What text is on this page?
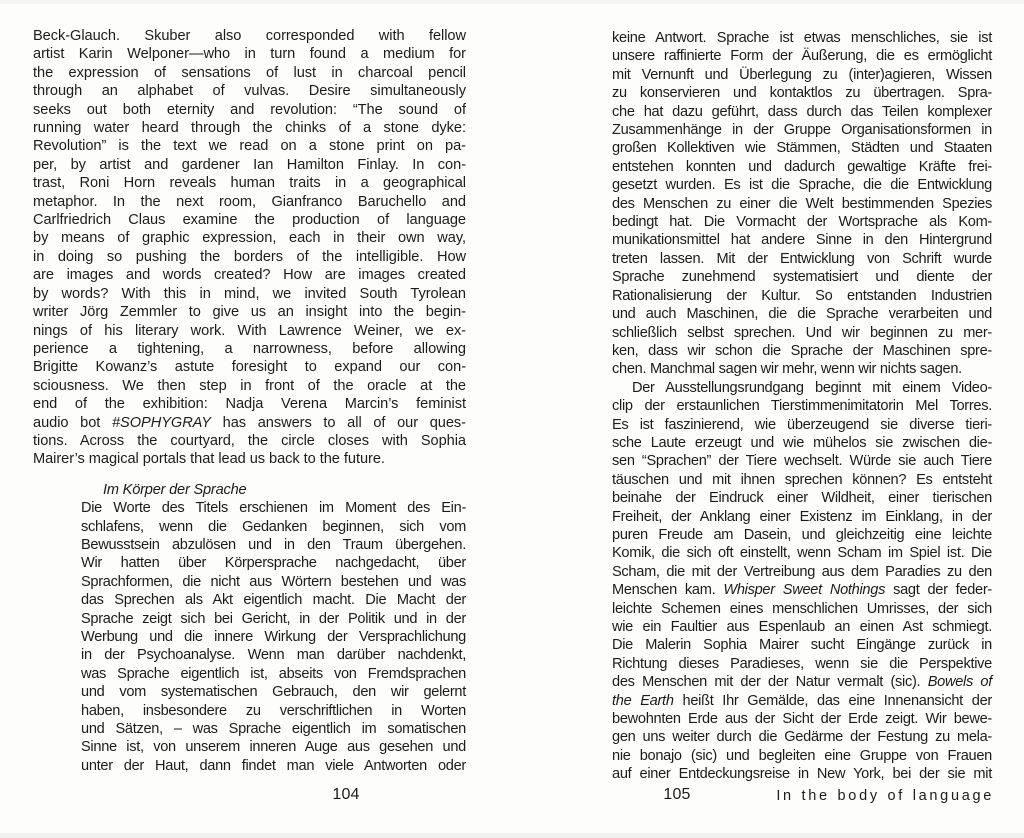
Beck-Glauch. Skuber also corresponded with fellow
artist Karin Welponer—who in turn found a medium for
the expression of sensations of lust in charcoal pencil
through an alphabet of vulvas. Desire simultaneously
seeks out both eternity and revolution: “The sound of
running water heard through the chinks of a stone dyke:
Revolution” is the text we read on a stone print on pa-
per, by artist and gardener Ian Hamilton Finlay. In con-
trast, Roni Horn reveals human traits in a geographical
metaphor. In the next room, Gianfranco Baruchello and
Carlfriedrich Claus examine the production of language
by means of graphic expression, each in their own way,
in doing so pushing the borders of the intelligible. How
are images and words created? How are images created
by words? With this in mind, we invited South Tyrolean
writer Jörg Zemmler to give us an insight into the begin-
nings of his literary work. With Lawrence Weiner, we ex-
perience a tightening, a narrowness, before allowing
Brigitte Kowanz’s astute foresight to expand our con-
sciousness. We then step in front of the oracle at the
end of the exhibition: Nadja Verena Marcin’s feminist
audio bot #SOPHYGRAY has answers to all of our ques-
tions. Across the courtyard, the circle closes with Sophia
Mairer’s magical portals that lead us back to the future.
Im Körper der Sprache
Die Worte des Titels erschienen im Moment des Ein-
schlafens, wenn die Gedanken beginnen, sich vom
Bewusstsein abzulösen und in den Traum übergehen.
Wir hatten über Körpersprache nachgedacht, über
Sprachformen, die nicht aus Wörtern bestehen und was
das Sprechen als Akt eigentlich macht. Die Macht der
Sprache zeigt sich bei Gericht, in der Politik und in der
Werbung und die innere Wirkung der Versprachlichung
in der Psychoanalyse. Wenn man darüber nachdenkt,
was Sprache eigentlich ist, abseits von Fremdsprachen
und vom systematischen Gebrauch, den wir gelernt
haben, insbesondere zu verschriftlichen in Worten
und Sätzen, – was Sprache eigentlich im somatischen
Sinne ist, von unserem inneren Auge aus gesehen und
unter der Haut, dann findet man viele Antworten oder
keine Antwort. Sprache ist etwas menschliches, sie ist
unsere raffinierte Form der Äußerung, die es ermöglicht
mit Vernunft und Überlegung zu (inter)agieren, Wissen
zu konservieren und kontaktlos zu übertragen. Spra-
che hat dazu geführt, dass durch das Teilen komplexer
Zusammenhänge in der Gruppe Organisationsformen in
großen Kollektiven wie Stämmen, Städten und Staaten
entstehen konnten und dadurch gewaltige Kräfte frei-
gesetzt wurden. Es ist die Sprache, die die Entwicklung
des Menschen zu einer die Welt bestimmenden Spezies
bedingt hat. Die Vormacht der Wortsprache als Kom-
munikationsmittel hat andere Sinne in den Hintergrund
treten lassen. Mit der Entwicklung von Schrift wurde
Sprache zunehmend systematisiert und diente der
Rationalisierung der Kultur. So entstanden Industrien
und auch Maschinen, die die Sprache verarbeiten und
schließlich selbst sprechen. Und wir beginnen zu mer-
ken, dass wir schon die Sprache der Maschinen spre-
chen. Manchmal sagen wir mehr, wenn wir nichts sagen.
Der Ausstellungsrundgang beginnt mit einem Video-
clip der erstaunlichen Tierstimmenimitatorin Mel Torres.
Es ist faszinierend, wie überzeugend sie diverse tieri-
sche Laute erzeugt und wie mühelos sie zwischen die-
sen “Sprachen” der Tiere wechselt. Würde sie auch Tiere
täuschen und mit ihnen sprechen können? Es entsteht
beinahe der Eindruck einer Wildheit, einer tierischen
Freiheit, der Anklang einer Existenz im Einklang, in der
puren Freude am Dasein, und gleichzeitig eine leichte
Komik, die sich oft einstellt, wenn Scham im Spiel ist. Die
Scham, die mit der Vertreibung aus dem Paradies zu den
Menschen kam. Whisper Sweet Nothings sagt der feder-
leichte Schemen eines menschlichen Umrisses, der sich
wie ein Faultier aus Espenlaub an einen Ast schmiegt.
Die Malerin Sophia Mairer sucht Eingänge zurück in
Richtung dieses Paradieses, wenn sie die Perspektive
des Menschen mit der der Natur vermalt (sic). Bowels of
the Earth heißt Ihr Gemälde, das eine Innenansicht der
bewohnten Erde aus der Sicht der Erde zeigt. Wir bewe-
gen uns weiter durch die Gedärme der Festung zu mela-
nie bonajo (sic) und begleiten eine Gruppe von Frauen
auf einer Entdeckungsreise in New York, bei der sie mit
104	105	In the body of language
